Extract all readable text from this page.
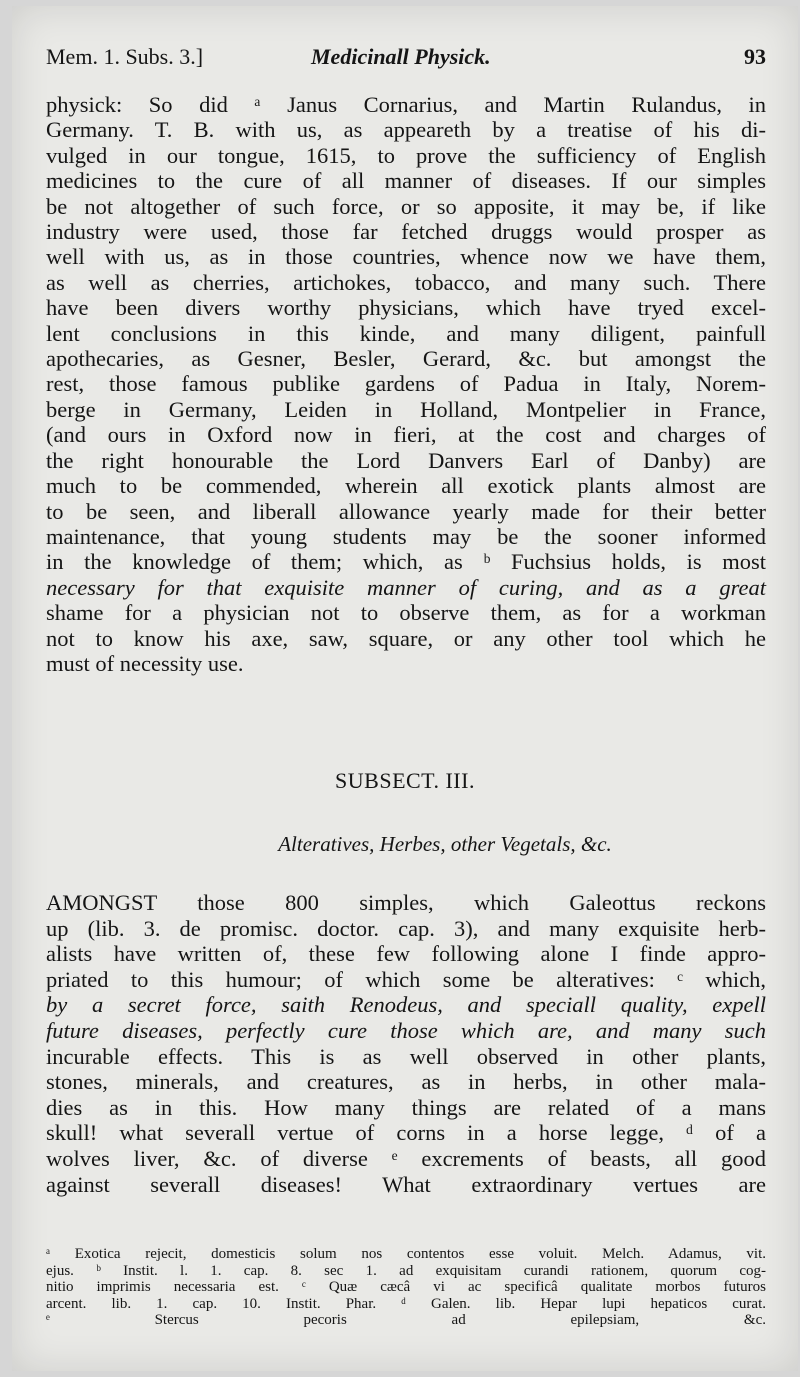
Mem. 1. Subs. 3.]	Medicinall Physick.	93
physick: So did ᵃ Janus Cornarius, and Martin Rulandus, in
Germany. T. B. with us, as appeareth by a treatise of his di-
vulged in our tongue, 1615, to prove the sufficiency of English
medicines to the cure of all manner of diseases. If our simples
be not altogether of such force, or so apposite, it may be, if like
industry were used, those far fetched druggs would prosper as
well with us, as in those countries, whence now we have them,
as well as cherries, artichokes, tobacco, and many such. There
have been divers worthy physicians, which have tryed excel-
lent conclusions in this kinde, and many diligent, painfull
apothecaries, as Gesner, Besler, Gerard, &c. but amongst the
rest, those famous publike gardens of Padua in Italy, Norem-
berge in Germany, Leiden in Holland, Montpelier in France,
(and ours in Oxford now in fieri, at the cost and charges of
the right honourable the Lord Danvers Earl of Danby) are
much to be commended, wherein all exotick plants almost are
to be seen, and liberall allowance yearly made for their better
maintenance, that young students may be the sooner informed
in the knowledge of them; which, as ᵇ Fuchsius holds, is most
necessary for that exquisite manner of curing, and as a great
shame for a physician not to observe them, as for a workman
not to know his axe, saw, square, or any other tool which he
must of necessity use.
SUBSECT. III.
Alteratives, Herbes, other Vegetals, &c.
AMONGST those 800 simples, which Galeottus reckons
up (lib. 3. de promisc. doctor. cap. 3), and many exquisite herb-
alists have written of, these few following alone I finde appro-
priated to this humour; of which some be alteratives: ᶜ which,
by a secret force, saith Renodeus, and speciall quality, expell
future diseases, perfectly cure those which are, and many such
incurable effects. This is as well observed in other plants,
stones, minerals, and creatures, as in herbs, in other mala-
dies as in this. How many things are related of a mans
skull! what severall vertue of corns in a horse legge, ᵈ of a
wolves liver, &c. of diverse ᵉ excrements of beasts, all good
against severall diseases! What extraordinary vertues are
ᵃ Exotica rejecit, domesticis solum nos contentos esse voluit. Melch. Adamus, vit.
ejus. ᵇ Instit. l. 1. cap. 8. sec 1. ad exquisitam curandi rationem, quorum cog-
nitio imprimis necessaria est. ᶜ Quæ cæcâ vi ac specificâ qualitate morbos futuros
arcent. lib. 1. cap. 10. Instit. Phar. ᵈ Galen. lib. Hepar lupi hepaticos curat.
ᵉ Stercus pecoris ad epilepsiam, &c.
